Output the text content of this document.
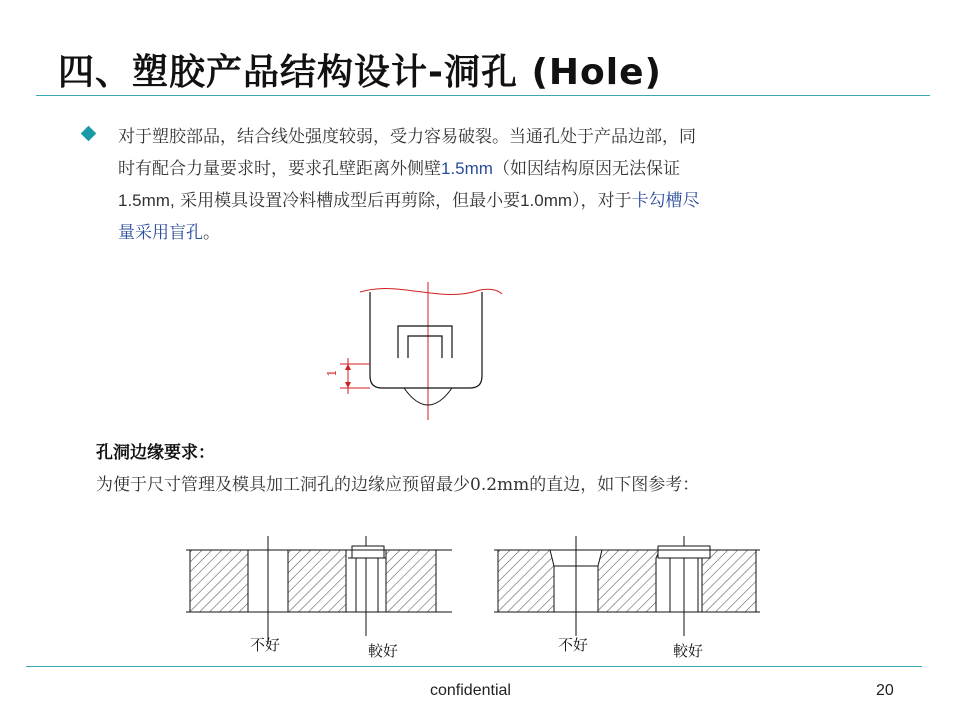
四、塑胶产品结构设计-洞孔 (Hole)
对于塑胶部品，结合线处强度较弱，受力容易破裂。当通孔处于产品边部，同
时有配合力量要求时，要求孔壁距离外侧壁1.5mm（如因结构原因无法保证
1.5mm, 采用模具设置冷料槽成型后再剪除，但最小要1.0mm），对于卡勾槽尽
量采用盲孔。
1
孔洞边缘要求：
为便于尺寸管理及模具加工洞孔的边缘应预留最少0.2mm的直边，如下图参考：
不好	較好	不好	較好
confidential	20
